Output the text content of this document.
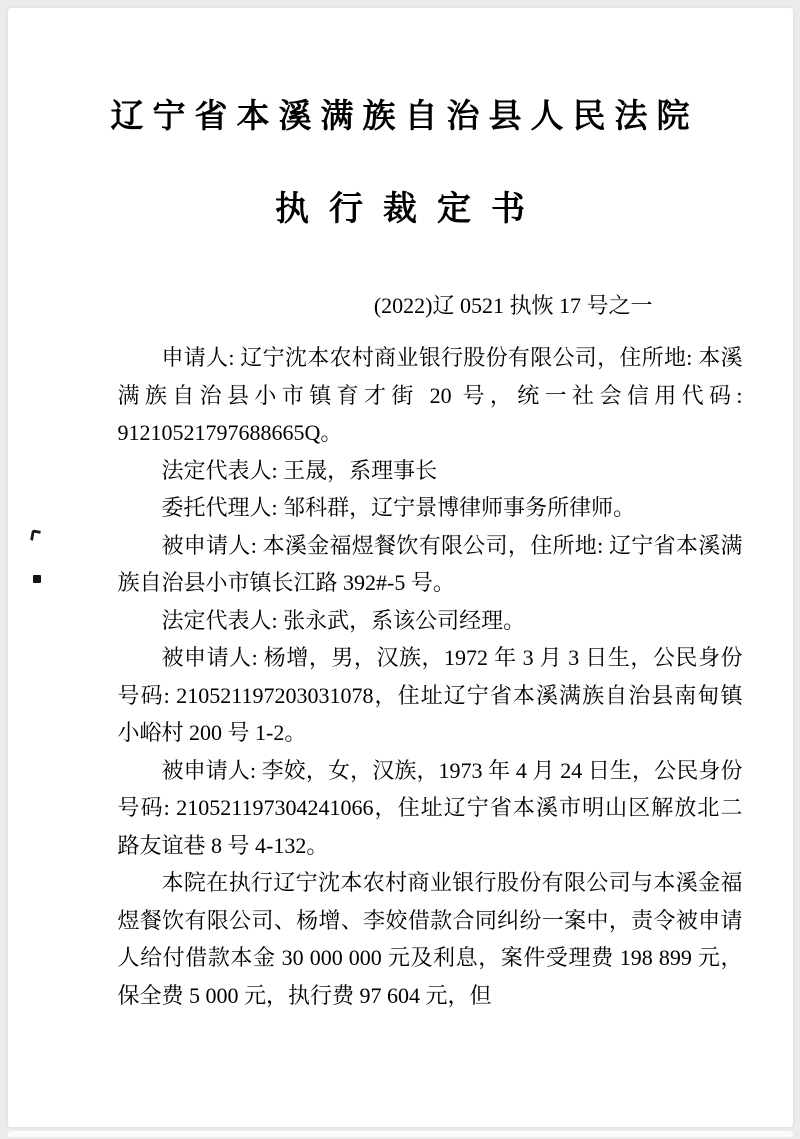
辽宁省本溪满族自治县人民法院
执行裁定书
(2022)辽 0521 执恢 17 号之一

申请人: 辽宁沈本农村商业银行股份有限公司，住所地: 本溪满族自治县小市镇育才街 20 号，统一社会信用代码: 91210521797688665Q。

法定代表人: 王晟，系理事长

委托代理人: 邹科群，辽宁景博律师事务所律师。

被申请人: 本溪金福煜餐饮有限公司，住所地: 辽宁省本溪满族自治县小市镇长江路 392#-5 号。

法定代表人: 张永武，系该公司经理。

被申请人: 杨增，男，汉族，1972 年 3 月 3 日生，公民身份号码: 210521197203031078，住址辽宁省本溪满族自治县南甸镇小峪村 200 号 1-2。

被申请人: 李姣，女，汉族，1973 年 4 月 24 日生，公民身份号码: 210521197304241066，住址辽宁省本溪市明山区解放北二路友谊巷 8 号 4-132。

本院在执行辽宁沈本农村商业银行股份有限公司与本溪金福煜餐饮有限公司、杨增、李姣借款合同纠纷一案中，责令被申请人给付借款本金 30 000 000 元及利息，案件受理费 198 899 元，保全费 5 000 元，执行费 97 604 元，但
